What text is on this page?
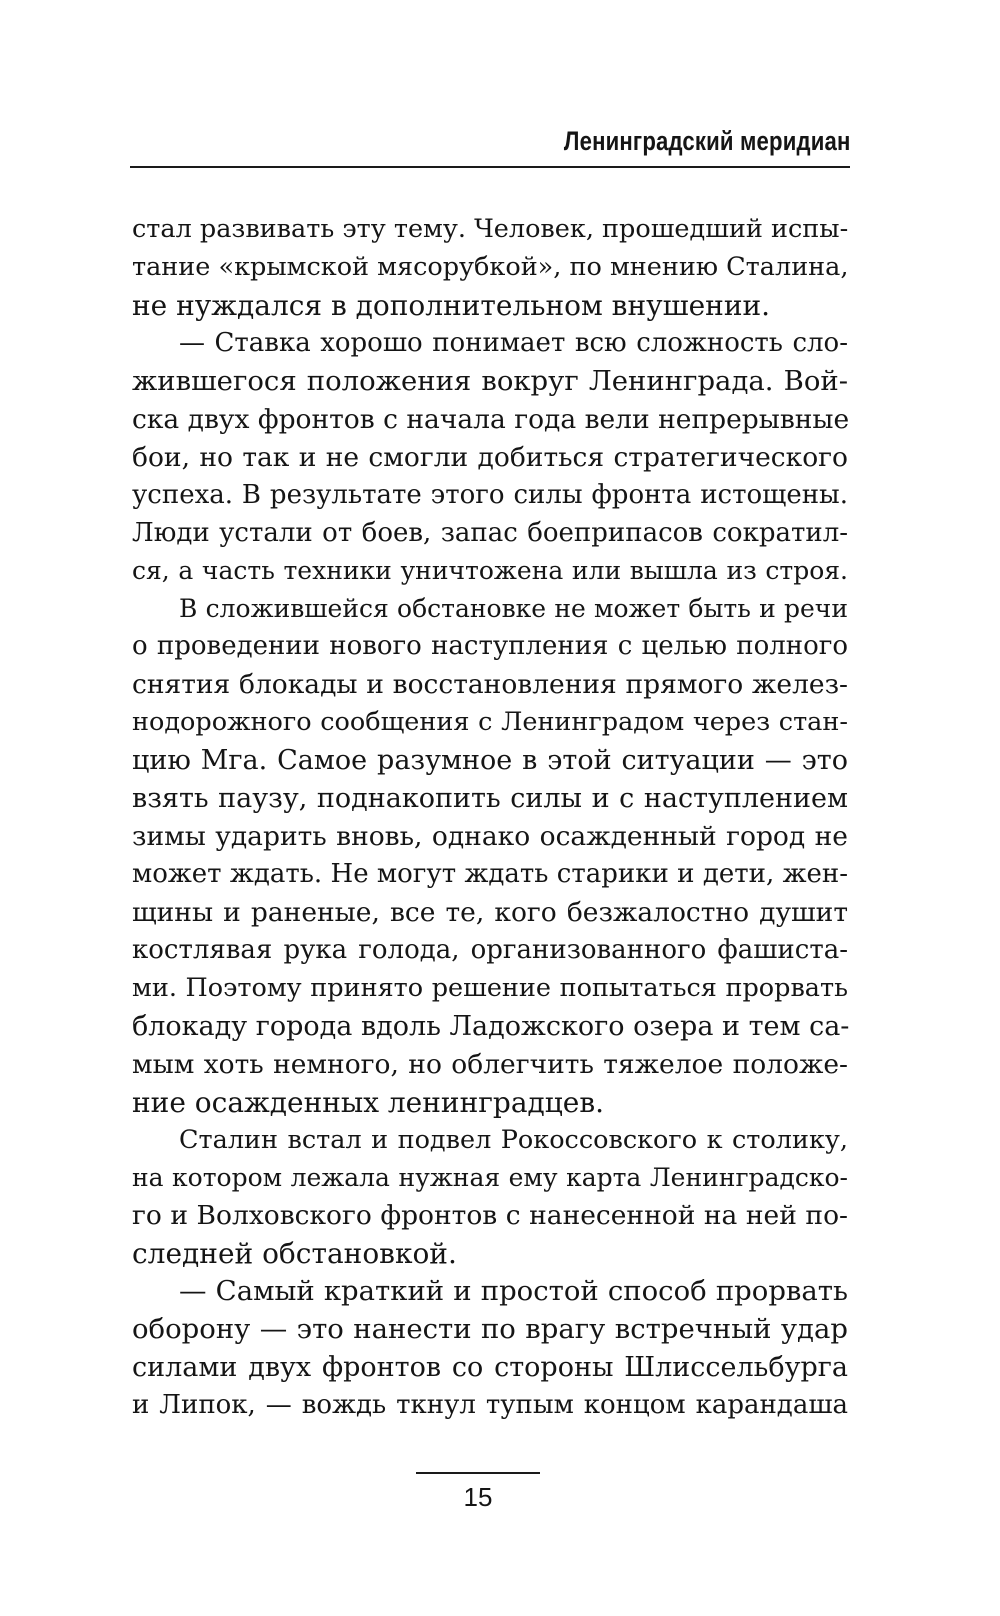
Ленинградский меридиан
стал развивать эту тему. Человек, прошедший испы-
тание «крымской мясорубкой», по мнению Сталина,
не нуждался в дополнительном внушении.
— Ставка хорошо понимает всю сложность сло-
жившегося положения вокруг Ленинграда. Вой-
ска двух фронтов с начала года вели непрерывные
бои, но так и не смогли добиться стратегического
успеха. В результате этого силы фронта истощены.
Люди устали от боев, запас боеприпасов сократил-
ся, а часть техники уничтожена или вышла из строя.
В сложившейся обстановке не может быть и речи
о проведении нового наступления с целью полного
снятия блокады и восстановления прямого желез-
нодорожного сообщения с Ленинградом через стан-
цию Мга. Самое разумное в этой ситуации — это
взять паузу, поднакопить силы и с наступлением
зимы ударить вновь, однако осажденный город не
может ждать. Не могут ждать старики и дети, жен-
щины и раненые, все те, кого безжалостно душит
костлявая рука голода, организованного фашиста-
ми. Поэтому принято решение попытаться прорвать
блокаду города вдоль Ладожского озера и тем са-
мым хоть немного, но облегчить тяжелое положе-
ние осажденных ленинградцев.
Сталин встал и подвел Рокоссовского к столику,
на котором лежала нужная ему карта Ленинградско-
го и Волховского фронтов с нанесенной на ней по-
следней обстановкой.
— Самый краткий и простой способ прорвать
оборону — это нанести по врагу встречный удар
силами двух фронтов со стороны Шлиссельбурга
и Липок, — вождь ткнул тупым концом карандаша
15
